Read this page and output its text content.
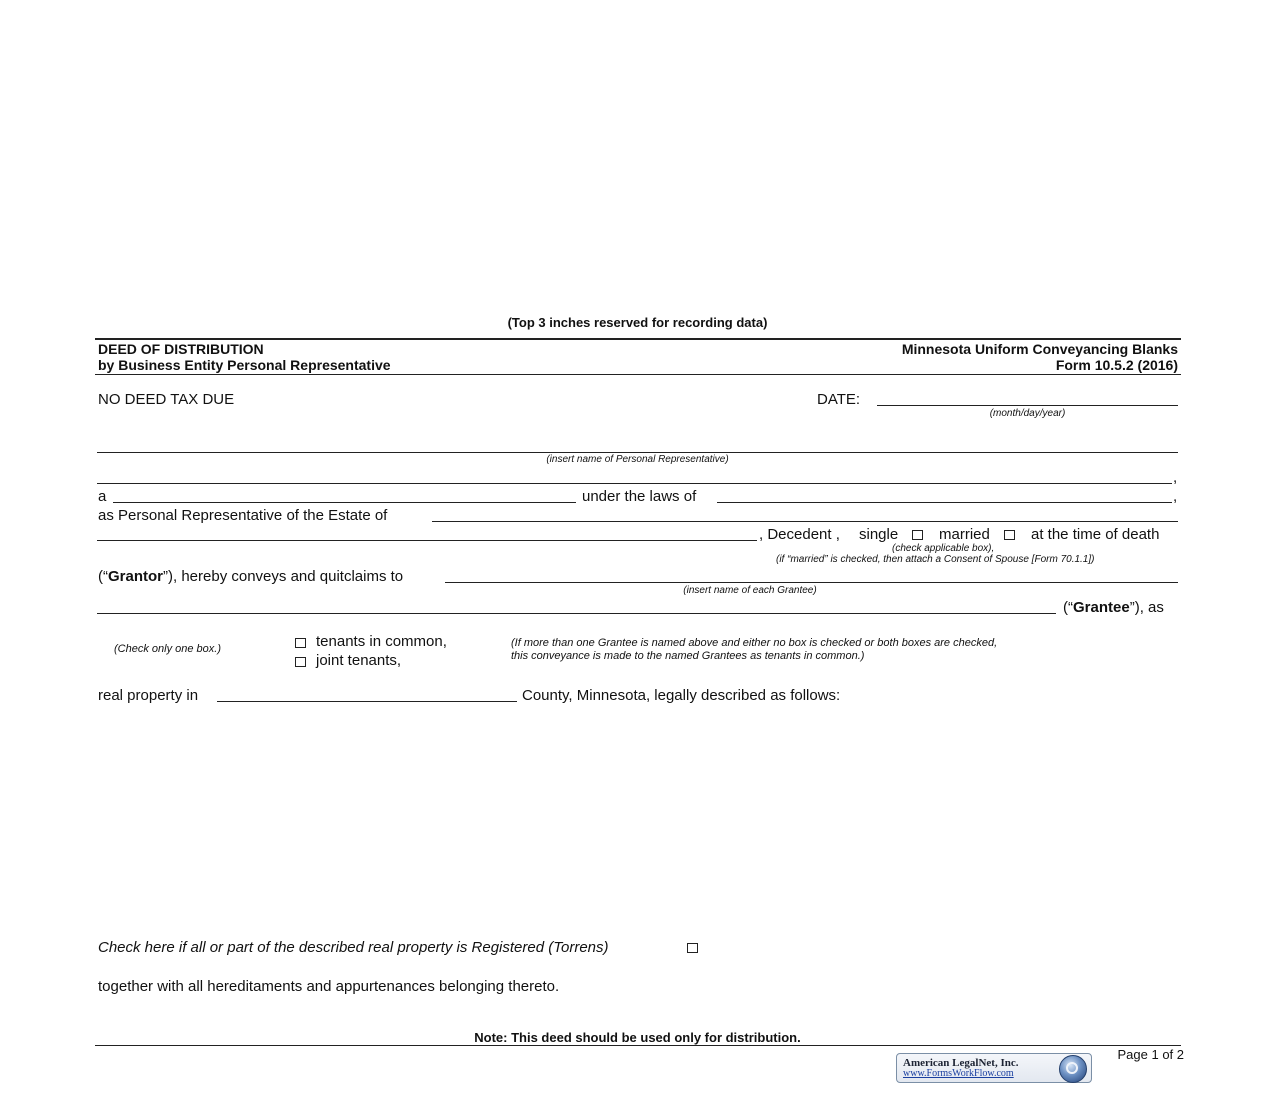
(Top 3 inches reserved for recording data)
DEED OF DISTRIBUTION
by Business Entity Personal Representative
Minnesota Uniform Conveyancing Blanks
Form 10.5.2 (2016)
NO DEED TAX DUE	DATE:
(month/day/year)
(insert name of Personal Representative)
,
a	under the laws of	,
as Personal Representative of the Estate of
, Decedent , single	married	at the time of death
(check applicable box),
(if “married” is checked, then attach a Consent of Spouse [Form 70.1.1])
(“Grantor”), hereby conveys and quitclaims to
(insert name of each Grantee)
(“Grantee”), as
(Check only one box.)	tenants in common,
joint tenants,
(If more than one Grantee is named above and either no box is checked or both boxes are checked,
this conveyance is made to the named Grantees as tenants in common.)
real property in	County, Minnesota, legally described as follows:
Check here if all or part of the described real property is Registered (Torrens)
together with all hereditaments and appurtenances belonging thereto.
Note: This deed should be used only for distribution.
Page 1 of 2
American LegalNet, Inc.
www.FormsWorkFlow.com
